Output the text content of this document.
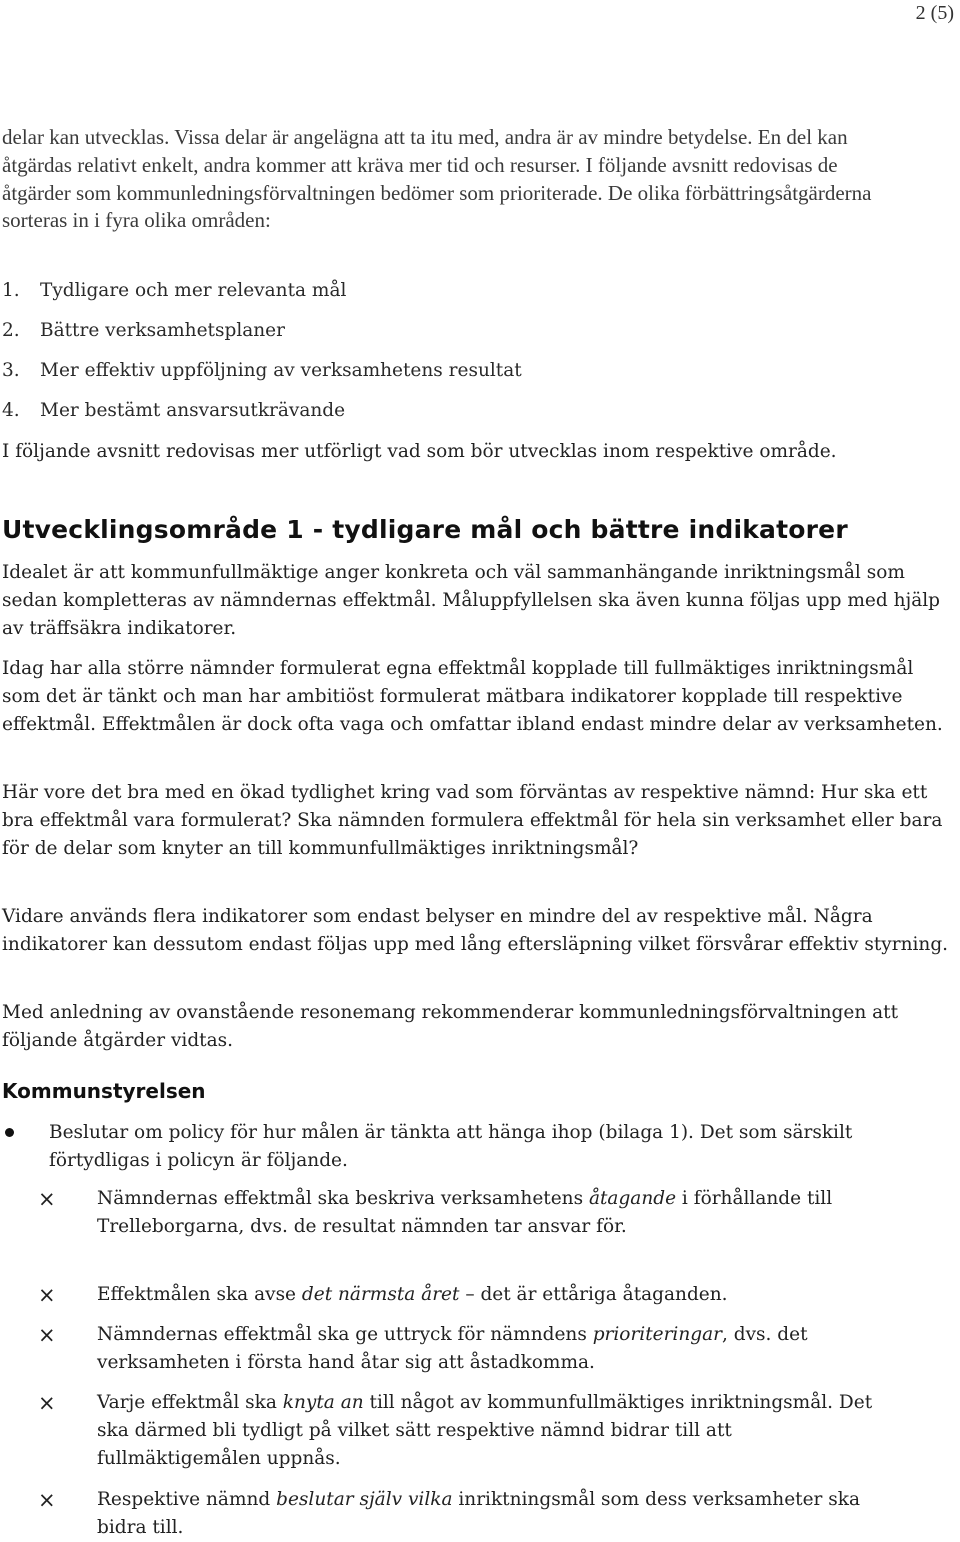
2 (5)

delar kan utvecklas. Vissa delar är angelägna att ta itu med, andra är av mindre betydelse. En del kan åtgärdas relativt enkelt, andra kommer att kräva mer tid och resurser. I följande avsnitt redovisas de åtgärder som kommunledningsförvaltningen bedömer som prioriterade. De olika förbättringsåtgärderna sorteras in i fyra olika områden:

1. Tydligare och mer relevanta mål
2. Bättre verksamhetsplaner
3. Mer effektiv uppföljning av verksamhetens resultat
4. Mer bestämt ansvarsutkrävande

I följande avsnitt redovisas mer utförligt vad som bör utvecklas inom respektive område.

Utvecklingsområde 1 - tydligare mål och bättre indikatorer

Idealet är att kommunfullmäktige anger konkreta och väl sammanhängande inriktningsmål som sedan kompletteras av nämndernas effektmål. Måluppfyllelsen ska även kunna följas upp med hjälp av träffsäkra indikatorer.

Idag har alla större nämnder formulerat egna effektmål kopplade till fullmäktiges inriktningsmål som det är tänkt och man har ambitiöst formulerat mätbara indikatorer kopplade till respektive effektmål. Effektmålen är dock ofta vaga och omfattar ibland endast mindre delar av verksamheten.

Här vore det bra med en ökad tydlighet kring vad som förväntas av respektive nämnd: Hur ska ett bra effektmål vara formulerat? Ska nämnden formulera effektmål för hela sin verksamhet eller bara för de delar som knyter an till kommunfullmäktiges inriktningsmål?

Vidare används flera indikatorer som endast belyser en mindre del av respektive mål. Några indikatorer kan dessutom endast följas upp med lång eftersläpning vilket försvårar effektiv styrning.

Med anledning av ovanstående resonemang rekommenderar kommunledningsförvaltningen att följande åtgärder vidtas.

Kommunstyrelsen
Beslutar om policy för hur målen är tänkta att hänga ihop (bilaga 1). Det som särskilt förtydligas i policyn är följande.
× Nämndernas effektmål ska beskriva verksamhetens åtagande i förhållande till Trelleborgarna, dvs. de resultat nämnden tar ansvar för.
× Effektmålen ska avse det närmsta året – det är ettåriga åtaganden.
× Nämndernas effektmål ska ge uttryck för nämndens prioriteringar, dvs. det verksamheten i första hand åtar sig att åstadkomma.
× Varje effektmål ska knyta an till något av kommunfullmäktiges inriktningsmål. Det ska därmed bli tydligt på vilket sätt respektive nämnd bidrar till att fullmäktigemålen uppnås.
× Respektive nämnd beslutar själv vilka inriktningsmål som dess verksamheter ska bidra till.
